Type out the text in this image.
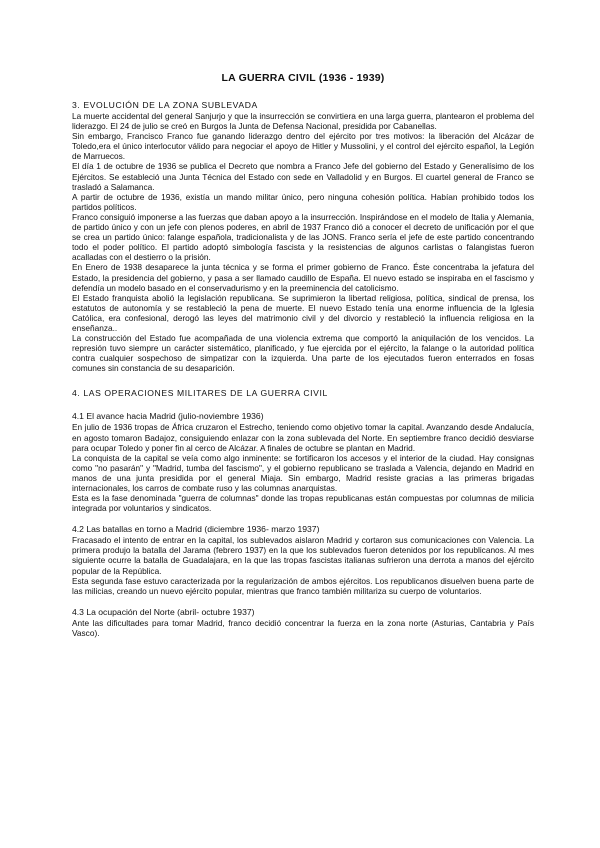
LA GUERRA CIVIL (1936 - 1939)
3. EVOLUCIÓN DE LA ZONA SUBLEVADA

La muerte accidental del general Sanjurjo y que la insurrección se convirtiera en una larga guerra, plantearon el problema del liderazgo. El 24 de julio se creó en Burgos la Junta de Defensa Nacional, presidida por Cabanellas.

Sin embargo, Francisco Franco fue ganando liderazgo dentro del ejército por tres motivos: la liberación del Alcázar de Toledo,era el único interlocutor válido para negociar el apoyo de Hitler y Mussolini, y el control del ejército español, la Legión de Marruecos.

El día 1 de octubre de 1936 se publica el Decreto que nombra a Franco Jefe del gobierno del Estado y Generalísimo de los Ejércitos. Se estableció una Junta Técnica del Estado con sede en Valladolid y en Burgos. El cuartel general de Franco se trasladó a Salamanca.

A partir de octubre de 1936, existía un mando militar único, pero ninguna cohesión política. Habían prohibido todos los partidos políticos.

Franco consiguió imponerse a las fuerzas que daban apoyo a la insurrección. Inspirándose en el modelo de Italia y Alemania, de partido único y con un jefe con plenos poderes, en abril de 1937 Franco dió a conocer el decreto de unificación por el que se crea un partido único: falange española, tradicionalista y de las JONS. Franco sería el jefe de este partido concentrando todo el poder político. El partido adoptó simbología fascista y la resistencias de algunos carlistas o falangistas fueron acalladas con el destierro o la prisión.

En Enero de 1938 desaparece la junta técnica y se forma el primer gobierno de Franco. Éste concentraba la jefatura del Estado, la presidencia del gobierno, y pasa a ser llamado caudillo de España. El nuevo estado se inspiraba en el fascismo y defendía un modelo basado en el conservadurismo y en la preeminencia del catolicismo.

El Estado franquista abolió la legislación republicana. Se suprimieron la libertad religiosa, política, sindical de prensa, los estatutos de autonomía y se restableció la pena de muerte. El nuevo Estado tenía una enorme influencia de la Iglesia Católica, era confesional, derogó las leyes del matrimonio civil y del divorcio y restableció la influencia religiosa en la enseñanza..

La construcción del Estado fue acompañada de una violencia extrema que comportó la aniquilación de los vencidos. La represión tuvo siempre un carácter sistemático, planificado, y fue ejercida por el ejército, la falange o la autoridad política contra cualquier sospechoso de simpatizar con la izquierda. Una parte de los ejecutados fueron enterrados en fosas comunes sin constancia de su desaparición.

4. LAS OPERACIONES MILITARES DE LA GUERRA CIVIL
4.1 El avance hacia Madrid (julio-noviembre 1936)

En julio de 1936 tropas de África cruzaron el Estrecho, teniendo como objetivo tomar la capital. Avanzando desde Andalucía, en agosto tomaron Badajoz, consiguiendo enlazar con la zona sublevada del Norte. En septiembre franco decidió desviarse para ocupar Toledo y poner fin al cerco de Alcázar. A finales de octubre se plantan en Madrid.

La conquista de la capital se veía como algo inminente: se fortificaron los accesos y el interior de la ciudad. Hay consignas como "no pasarán" y "Madrid, tumba del fascismo", y el gobierno republicano se traslada a Valencia, dejando en Madrid en manos de una junta presidida por el general Miaja. Sin embargo, Madrid resiste gracias a las primeras brigadas internacionales, los carros de combate ruso y las columnas anarquistas.

Esta es la fase denominada "guerra de columnas" donde las tropas republicanas están compuestas por columnas de milicia integrada por voluntarios y sindicatos.

4.2 Las batallas en torno a Madrid (diciembre 1936- marzo 1937)

Fracasado el intento de entrar en la capital, los sublevados aislaron Madrid y cortaron sus comunicaciones con Valencia. La primera produjo la batalla del Jarama (febrero 1937) en la que los sublevados fueron detenidos por los republicanos. Al mes siguiente ocurre la batalla de Guadalajara, en la que las tropas fascistas italianas sufrieron una derrota a manos del ejército popular de la República.

Esta segunda fase estuvo caracterizada por la regularización de ambos ejércitos. Los republicanos disuelven buena parte de las milicias, creando un nuevo ejército popular, mientras que franco también militariza su cuerpo de voluntarios.

4.3 La ocupación del Norte (abril- octubre 1937)

Ante las dificultades para tomar Madrid, franco decidió concentrar la fuerza en la zona norte (Asturias, Cantabria y País Vasco).
